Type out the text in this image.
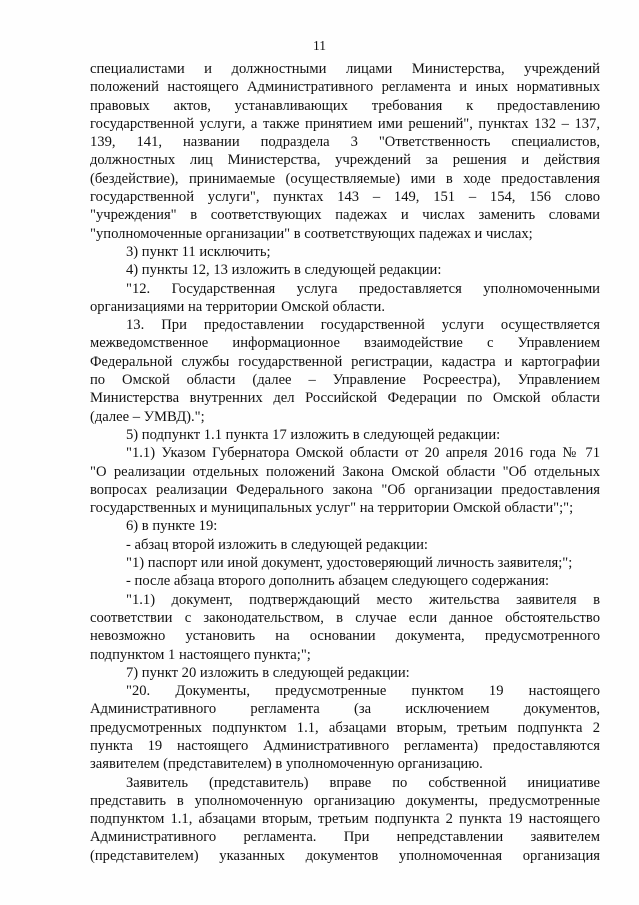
11
специалистами и должностными лицами Министерства, учреждений
положений настоящего Административного регламента и иных нормативных
правовых актов, устанавливающих требования к предоставлению
государственной услуги, а также принятием ими решений", пунктах 132 – 137,
139, 141, названии подраздела 3 "Ответственность специалистов,
должностных лиц Министерства, учреждений за решения и действия
(бездействие), принимаемые (осуществляемые) ими в ходе предоставления
государственной услуги", пунктах 143 – 149, 151 – 154, 156 слово
"учреждения" в соответствующих падежах и числах заменить словами
"уполномоченные организации" в соответствующих падежах и числах;
3) пункт 11 исключить;
4) пункты 12, 13 изложить в следующей редакции:
"12. Государственная услуга предоставляется уполномоченными
организациями на территории Омской области.
13. При предоставлении государственной услуги осуществляется
межведомственное информационное взаимодействие с Управлением
Федеральной службы государственной регистрации, кадастра и картографии
по Омской области (далее – Управление Росреестра), Управлением
Министерства внутренних дел Российской Федерации по Омской области
(далее – УМВД).";
5) подпункт 1.1 пункта 17 изложить в следующей редакции:
"1.1) Указом Губернатора Омской области от 20 апреля 2016 года № 71
"О реализации отдельных положений Закона Омской области "Об отдельных
вопросах реализации Федерального закона "Об организации предоставления
государственных и муниципальных услуг" на территории Омской области";";
6) в пункте 19:
- абзац второй изложить в следующей редакции:
"1) паспорт или иной документ, удостоверяющий личность заявителя;";
- после абзаца второго дополнить абзацем следующего содержания:
"1.1) документ, подтверждающий место жительства заявителя в
соответствии с законодательством, в случае если данное обстоятельство
невозможно установить на основании документа, предусмотренного
подпунктом 1 настоящего пункта;";
7) пункт 20 изложить в следующей редакции:
"20. Документы, предусмотренные пунктом 19 настоящего
Административного регламента (за исключением документов,
предусмотренных подпунктом 1.1, абзацами вторым, третьим подпункта 2
пункта 19 настоящего Административного регламента) предоставляются
заявителем (представителем) в уполномоченную организацию.
Заявитель (представитель) вправе по собственной инициативе
представить в уполномоченную организацию документы, предусмотренные
подпунктом 1.1, абзацами вторым, третьим подпункта 2 пункта 19 настоящего
Административного регламента. При непредставлении заявителем
(представителем) указанных документов уполномоченная организация
